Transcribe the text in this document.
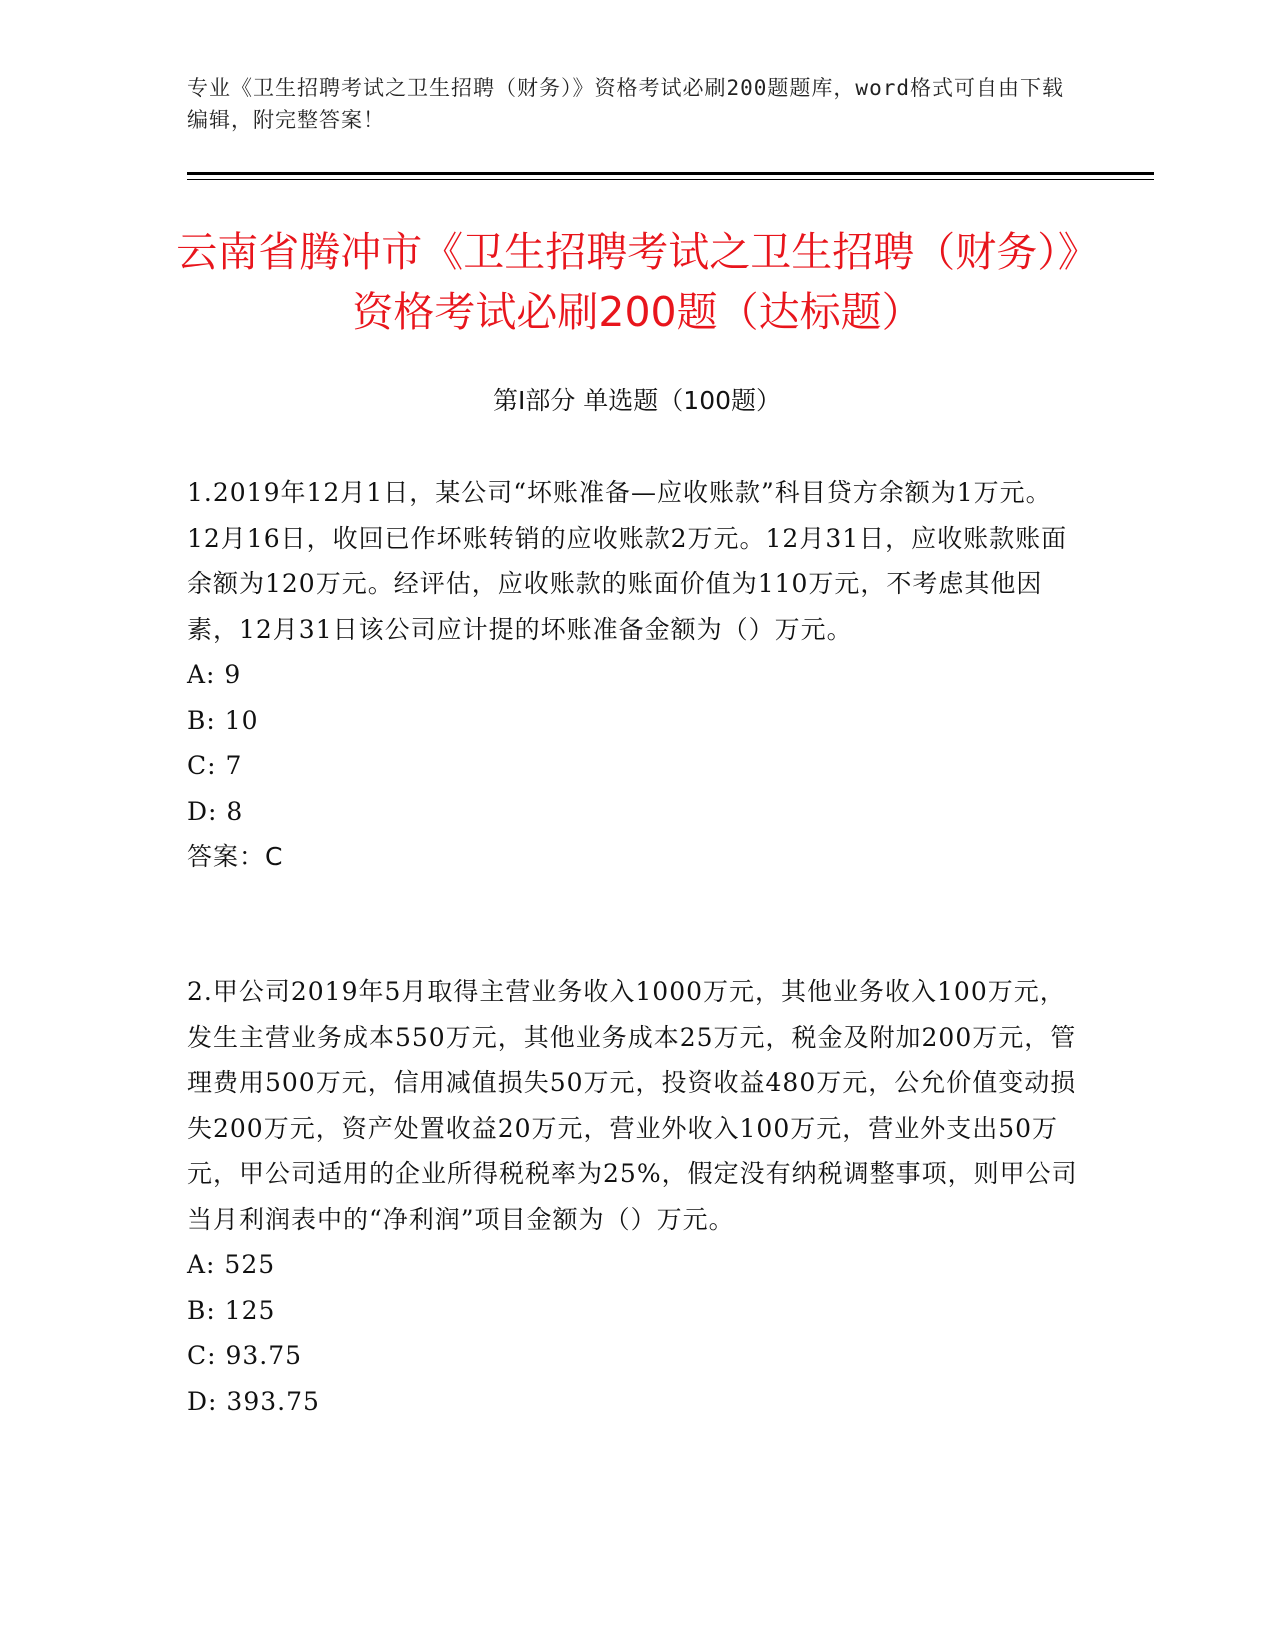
专业《卫生招聘考试之卫生招聘（财务）》资格考试必刷200题题库，word格式可自由下载编辑，附完整答案！
云南省腾冲市《卫生招聘考试之卫生招聘（财务）》资格考试必刷200题（达标题）
第Ⅰ部分 单选题（100题）

1.2019年12月1日，某公司“坏账准备—应收账款”科目贷方余额为1万元。12月16日，收回已作坏账转销的应收账款2万元。12月31日，应收账款账面余额为120万元。经评估，应收账款的账面价值为110万元，不考虑其他因素，12月31日该公司应计提的坏账准备金额为（）万元。

A: 9

B: 10

C: 7

D: 8

答案：C

2.甲公司2019年5月取得主营业务收入1000万元，其他业务收入100万元，发生主营业务成本550万元，其他业务成本25万元，税金及附加200万元，管理费用500万元，信用减值损失50万元，投资收益480万元，公允价值变动损失200万元，资产处置收益20万元，营业外收入100万元，营业外支出50万元，甲公司适用的企业所得税税率为25%，假定没有纳税调整事项，则甲公司当月利润表中的“净利润”项目金额为（）万元。

A: 525

B: 125

C: 93.75

D: 393.75
